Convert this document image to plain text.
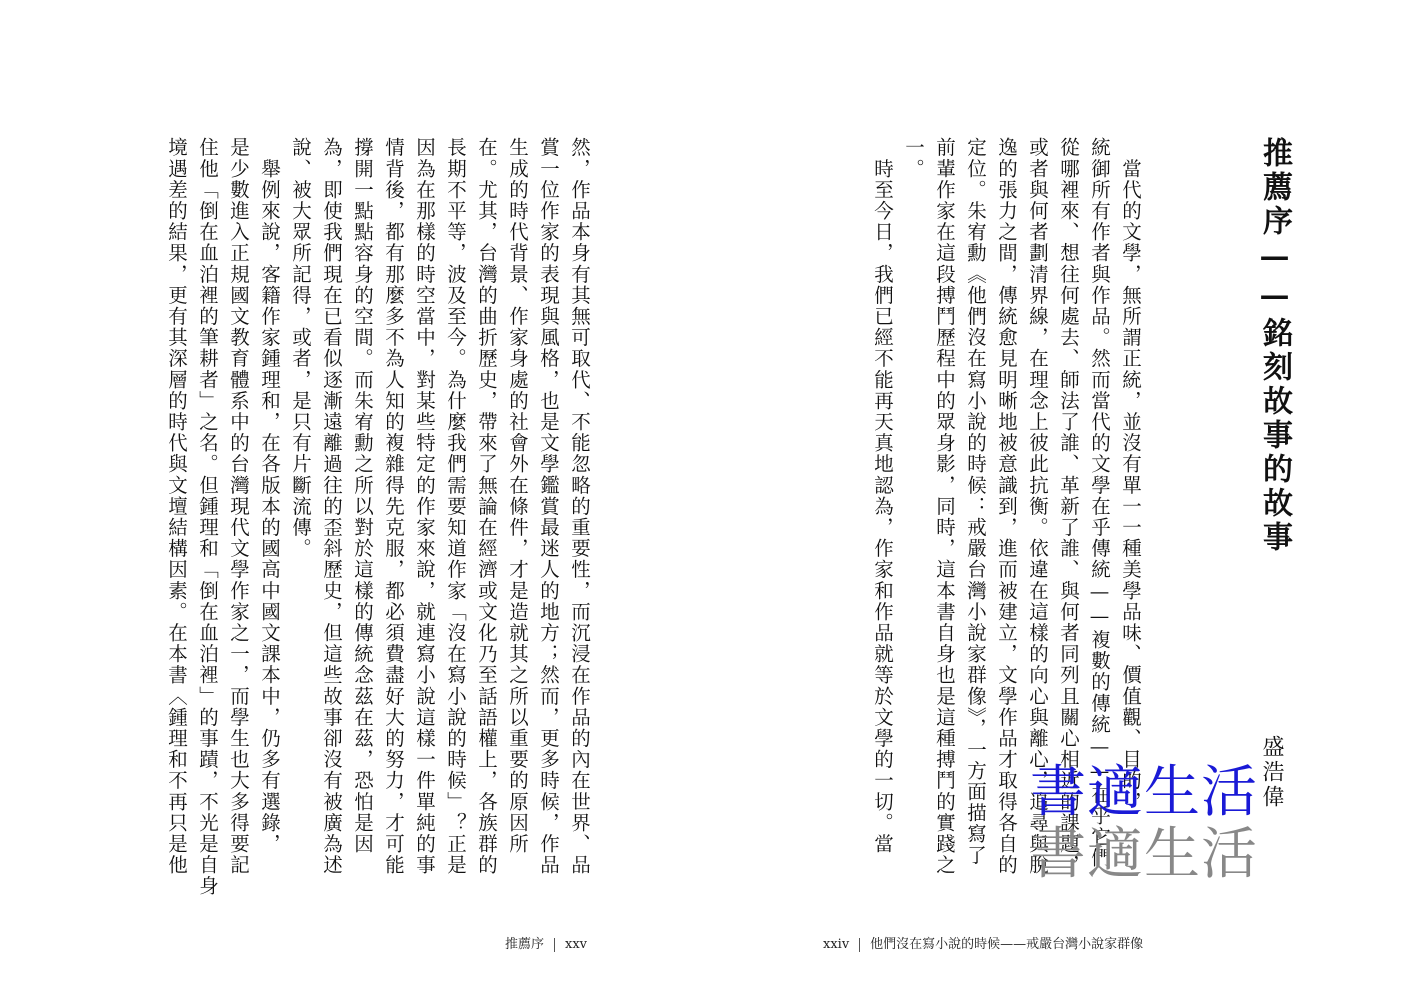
然，作品本身有其無可取代、不能忽略的重要性，而沉浸在作品的內在世界、品
賞一位作家的表現與風格，也是文學鑑賞最迷人的地方；然而，更多時候，作品
生成的時代背景、作家身處的社會外在條件，才是造就其之所以重要的原因所
在。尤其，台灣的曲折歷史，帶來了無論在經濟或文化乃至話語權上，各族群的
長期不平等，波及至今。為什麼我們需要知道作家「沒在寫小說的時候」？正是
因為在那樣的時空當中，對某些特定的作家來說，就連寫小說這樣一件單純的事
情背後，都有那麼多不為人知的複雜得先克服，都必須費盡好大的努力，才可能
撐開一點點容身的空間。而朱宥勳之所以對於這樣的傳統念茲在茲，恐怕是因
為，即使我們現在已看似逐漸遠離過往的歪斜歷史，但這些故事卻沒有被廣為述
說、被大眾所記得，或者，是只有片斷流傳。
　舉例來說，客籍作家鍾理和，在各版本的國高中國文課本中，仍多有選錄，
是少數進入正規國文教育體系中的台灣現代文學作家之一，而學生也大多得要記
住他「倒在血泊裡的筆耕者」之名。但鍾理和「倒在血泊裡」的事蹟，不光是自身
境遇差的結果，更有其深層的時代與文壇結構因素。在本書〈鍾理和不再只是他
推薦序 xxv
　當代的文學，無所謂正統，並沒有單一一種美學品味、價值觀、目的，
統御所有作者與作品。然而當代的文學在乎傳統——複數的傳統——在乎它們
從哪裡來、想往何處去、師法了誰、革新了誰、與何者同列且關心相近的課題，
或者與何者劃清界線，在理念上彼此抗衡。依違在這樣的向心與離心，追尋與脫
逸的張力之間，傳統愈見明晰地被意識到，進而被建立，文學作品才取得各自的
定位。朱宥勳《他們沒在寫小說的時候：戒嚴台灣小說家群像》，一方面描寫了
前輩作家在這段搏鬥歷程中的眾身影，同時，這本書自身也是這種搏鬥的實踐之
一。
　時至今日，我們已經不能再天真地認為，作家和作品就等於文學的一切。當
xxiv 他們沒在寫小說的時候——戒嚴台灣小說家群像
推薦序——銘刻故事的故事
盛浩偉
書適生活
書適生活
